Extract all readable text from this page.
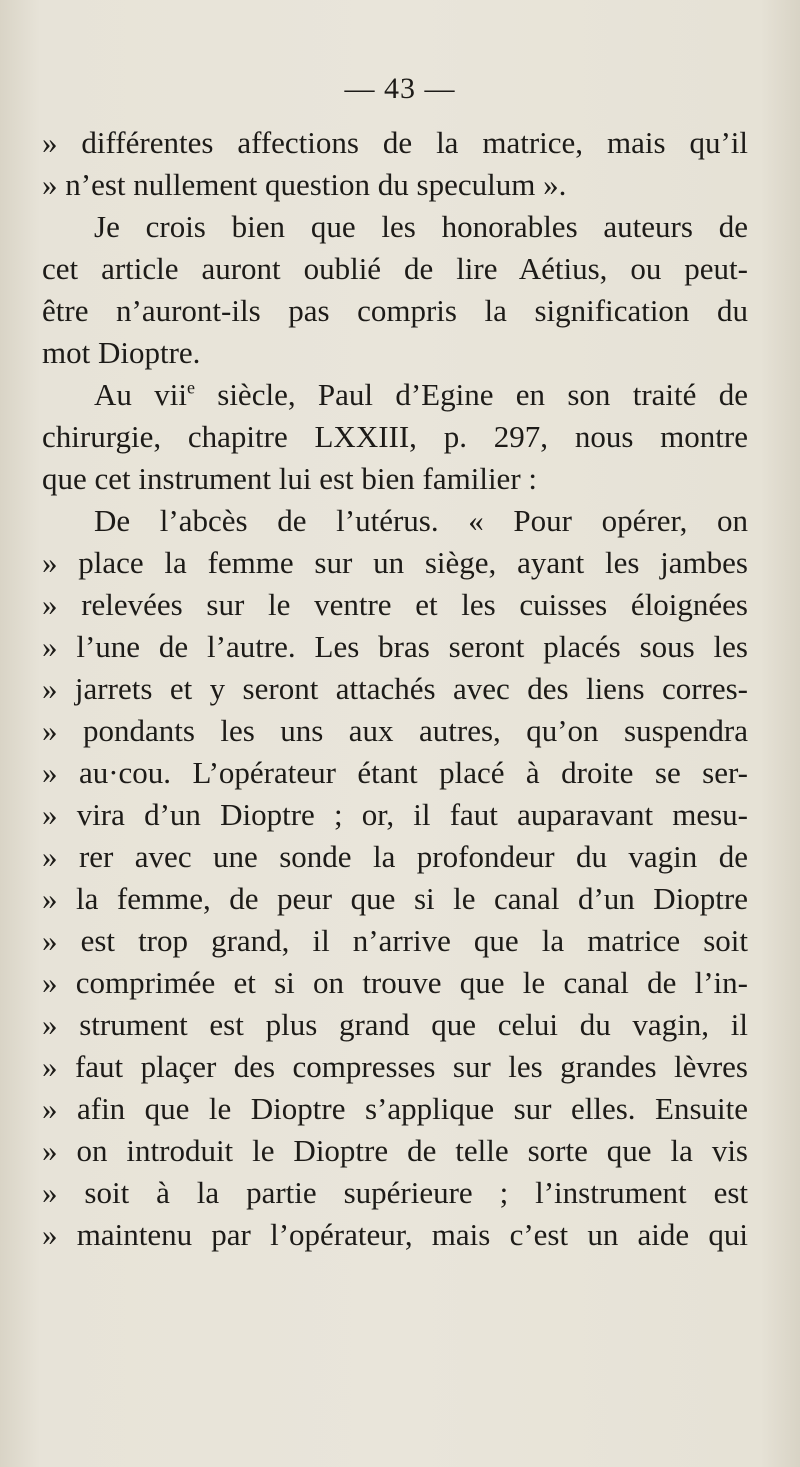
— 43 —
» différentes affections de la matrice, mais qu’il
» n’est nullement question du speculum ».
Je crois bien que les honorables auteurs de
cet article auront oublié de lire Aétius, ou peut-
être n’auront-ils pas compris la signification du
mot Dioptre.
Au vii$^e$ siècle, Paul d’Egine en son traité de
chirurgie, chapitre LXXIII, p. 297, nous montre
que cet instrument lui est bien familier :
De l’abcès de l’utérus. « Pour opérer, on
» place la femme sur un siège, ayant les jambes
» relevées sur le ventre et les cuisses éloignées
» l’une de l’autre. Les bras seront placés sous les
» jarrets et y seront attachés avec des liens corres-
» pondants les uns aux autres, qu’on suspendra
» au·cou. L’opérateur étant placé à droite se ser-
» vira d’un Dioptre ; or, il faut auparavant mesu-
» rer avec une sonde la profondeur du vagin de
» la femme, de peur que si le canal d’un Dioptre
» est trop grand, il n’arrive que la matrice soit
» comprimée et si on trouve que le canal de l’in-
» strument est plus grand que celui du vagin, il
» faut plaçer des compresses sur les grandes lèvres
» afin que le Dioptre s’applique sur elles. Ensuite
» on introduit le Dioptre de telle sorte que la vis
» soit à la partie supérieure ; l’instrument est
» maintenu par l’opérateur, mais c’est un aide qui
